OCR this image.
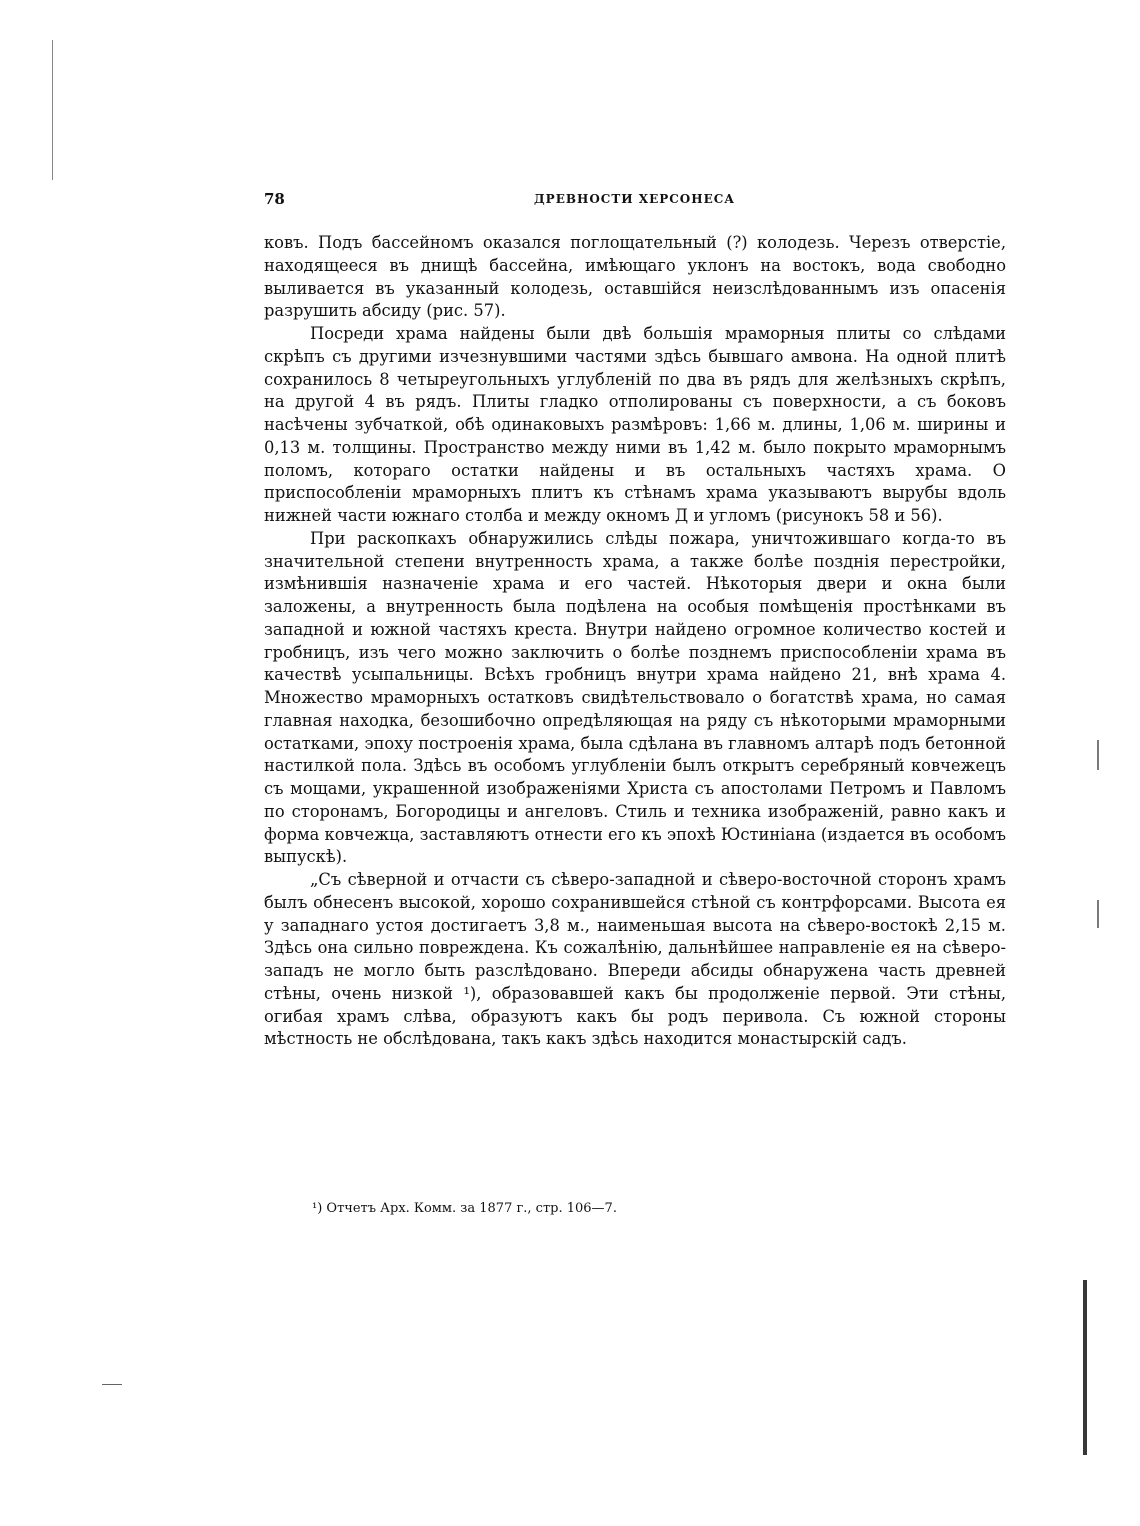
78	ДРЕВНОСТИ ХЕРСОНЕСА

ковъ. Подъ бассейномъ оказался поглощательный (?) колодезь. Черезъ отверстіе, находящееся въ днищѣ бассейна, имѣющаго уклонъ на востокъ, вода свободно выливается въ указанный колодезь, оставшійся неизслѣдованнымъ изъ опасенія разрушить абсиду (рис. 57).

Посреди храма найдены были двѣ большія мраморныя плиты со слѣдами скрѣпъ съ другими изчезнувшими частями здѣсь бывшаго амвона. На одной плитѣ сохранилось 8 четыреугольныхъ углубленій по два въ рядъ для желѣзныхъ скрѣпъ, на другой 4 въ рядъ. Плиты гладко отполированы съ поверхности, а съ боковъ насѣчены зубчаткой, обѣ одинаковыхъ размѣровъ: 1,66 м. длины, 1,06 м. ширины и 0,13 м. толщины. Пространство между ними въ 1,42 м. было покрыто мраморнымъ поломъ, котораго остатки найдены и въ остальныхъ частяхъ храма. О приспособленіи мраморныхъ плитъ къ стѣнамъ храма указываютъ вырубы вдоль нижней части южнаго столба и между окномъ Д и угломъ (рисунокъ 58 и 56).

При раскопкахъ обнаружились слѣды пожара, уничтожившаго когда-то въ значительной степени внутренность храма, а также болѣе позднія перестройки, измѣнившія назначеніе храма и его частей. Нѣкоторыя двери и окна были заложены, а внутренность была подѣлена на особыя помѣщенія простѣнками въ западной и южной частяхъ креста. Внутри найдено огромное количество костей и гробницъ, изъ чего можно заключить о болѣе позднемъ приспособленіи храма въ качествѣ усыпальницы. Всѣхъ гробницъ внутри храма найдено 21, внѣ храма 4. Множество мраморныхъ остатковъ свидѣтельствовало о богатствѣ храма, но самая главная находка, безошибочно опредѣляющая на ряду съ нѣкоторыми мраморными остатками, эпоху построенія храма, была сдѣлана въ главномъ алтарѣ подъ бетонной настилкой пола. Здѣсь въ особомъ углубленіи былъ открытъ серебряный ковчежецъ съ мощами, украшенной изображеніями Христа съ апостолами Петромъ и Павломъ по сторонамъ, Богородицы и ангеловъ. Стиль и техника изображеній, равно какъ и форма ковчежца, заставляютъ отнести его къ эпохѣ Юстиніана (издается въ особомъ выпускѣ).

„Съ сѣверной и отчасти съ сѣверо-западной и сѣверо-восточной сторонъ храмъ былъ обнесенъ высокой, хорошо сохранившейся стѣной съ контрфорсами. Высота ея у западнаго устоя достигаетъ 3,8 м., наименьшая высота на сѣверо-востокѣ 2,15 м. Здѣсь она сильно повреждена. Къ сожалѣнію, дальнѣйшее направленіе ея на сѣверо-западъ не могло быть разслѣдовано. Впереди абсиды обнаружена часть древней стѣны, очень низкой ¹), образовавшей какъ бы продолженіе первой. Эти стѣны, огибая храмъ слѣва, образуютъ какъ бы родъ перивола. Съ южной стороны мѣстность не обслѣдована, такъ какъ здѣсь находится монастырскій садъ.

¹) Отчетъ Арх. Комм. за 1877 г., стр. 106—7.
